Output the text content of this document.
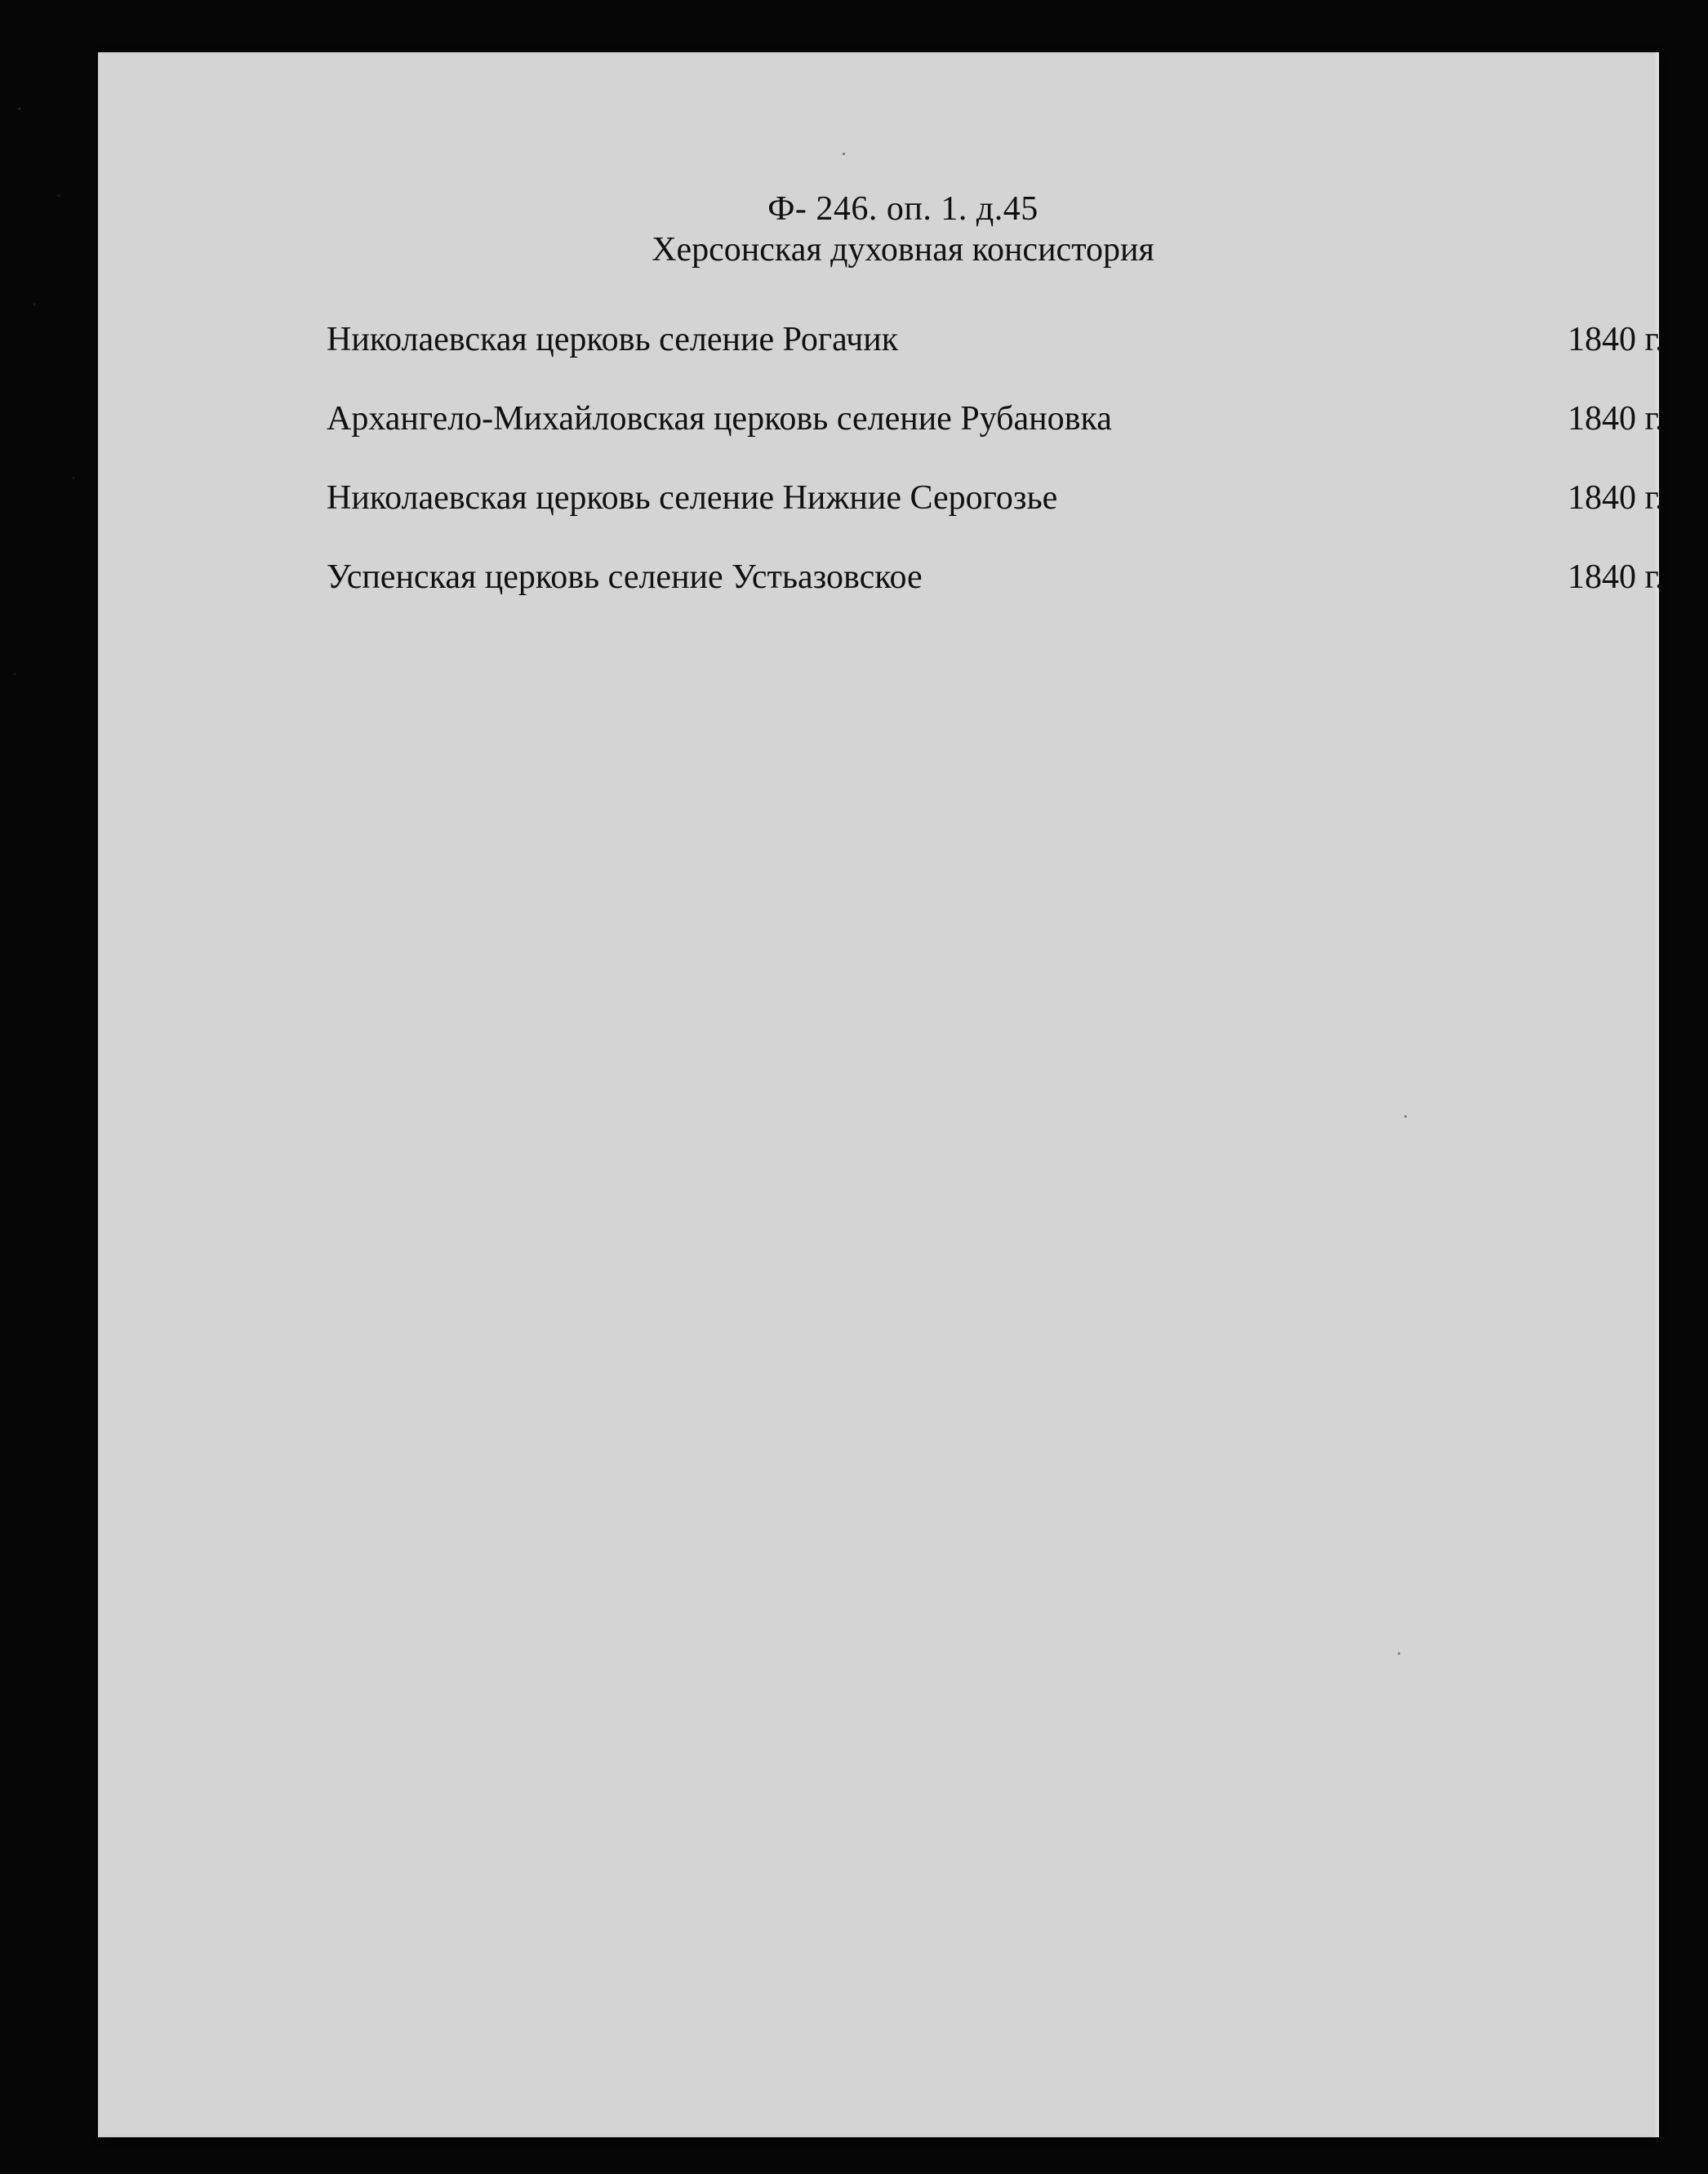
Ф- 246. оп. 1. д.45
Херсонская духовная консистория
Николаевская церковь селение Рогачик	1840 г.
Архангело-Михайловская церковь селение Рубановка	1840 г.
Николаевская церковь селение Нижние Серогозье	1840 г.
Успенская церковь селение Устьазовское	1840 г.
